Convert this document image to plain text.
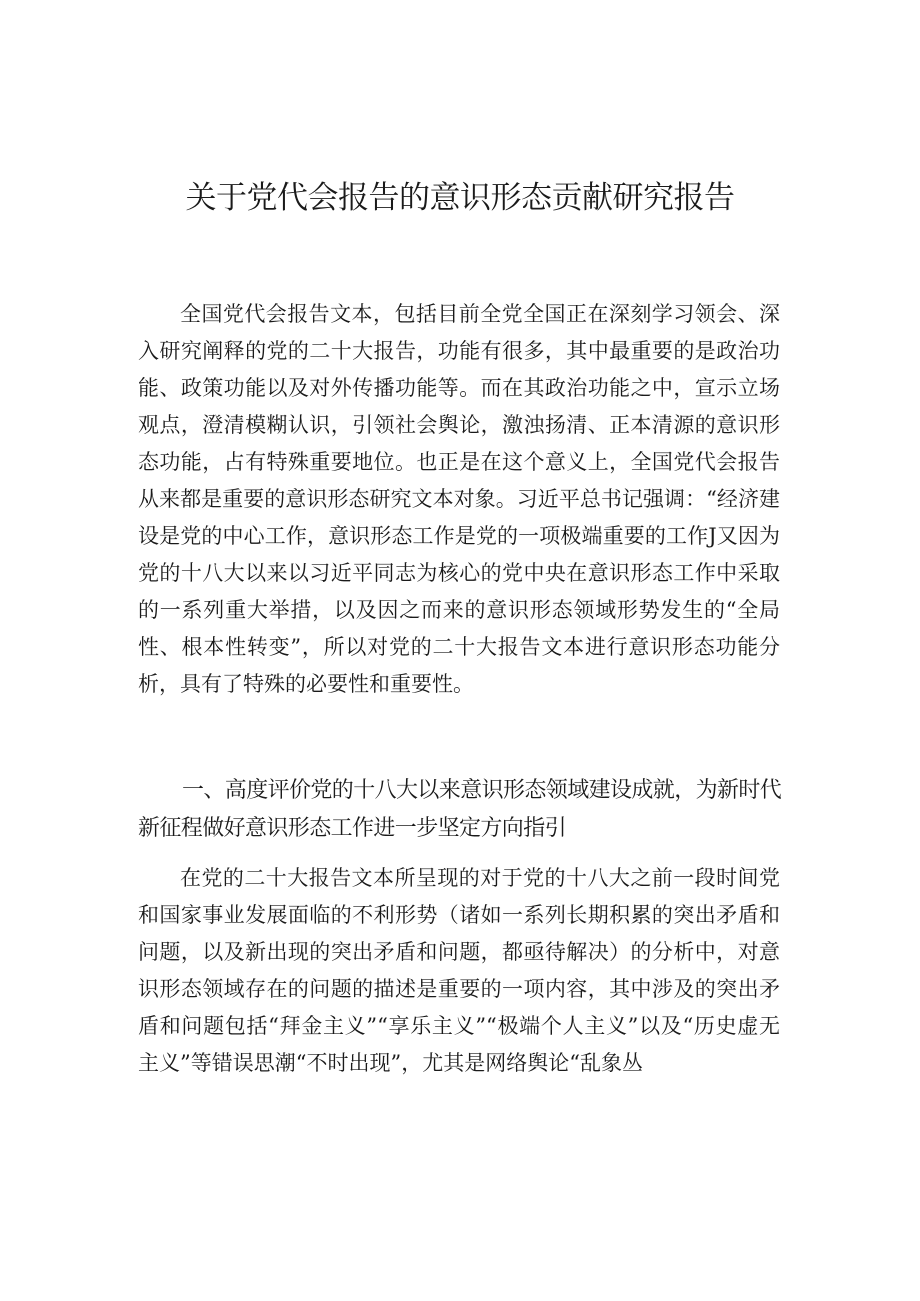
关于党代会报告的意识形态贡献研究报告

全国党代会报告文本，包括目前全党全国正在深刻学习领会、深入研究阐释的党的二十大报告，功能有很多，其中最重要的是政治功能、政策功能以及对外传播功能等。而在其政治功能之中，宣示立场观点，澄清模糊认识，引领社会舆论，激浊扬清、正本清源的意识形态功能，占有特殊重要地位。也正是在这个意义上，全国党代会报告从来都是重要的意识形态研究文本对象。习近平总书记强调：“经济建设是党的中心工作，意识形态工作是党的一项极端重要的工作J又因为党的十八大以来以习近平同志为核心的党中央在意识形态工作中采取的一系列重大举措，以及因之而来的意识形态领域形势发生的“全局性、根本性转变”，所以对党的二十大报告文本进行意识形态功能分析，具有了特殊的必要性和重要性。

一、高度评价党的十八大以来意识形态领域建设成就，为新时代新征程做好意识形态工作进一步坚定方向指引

在党的二十大报告文本所呈现的对于党的十八大之前一段时间党和国家事业发展面临的不利形势（诸如一系列长期积累的突出矛盾和问题，以及新出现的突出矛盾和问题，都亟待解决）的分析中，对意识形态领域存在的问题的描述是重要的一项内容，其中涉及的突出矛盾和问题包括“拜金主义”“享乐主义”“极端个人主义”以及“历史虚无主义”等错误思潮“不时出现”，尤其是网络舆论“乱象丛
